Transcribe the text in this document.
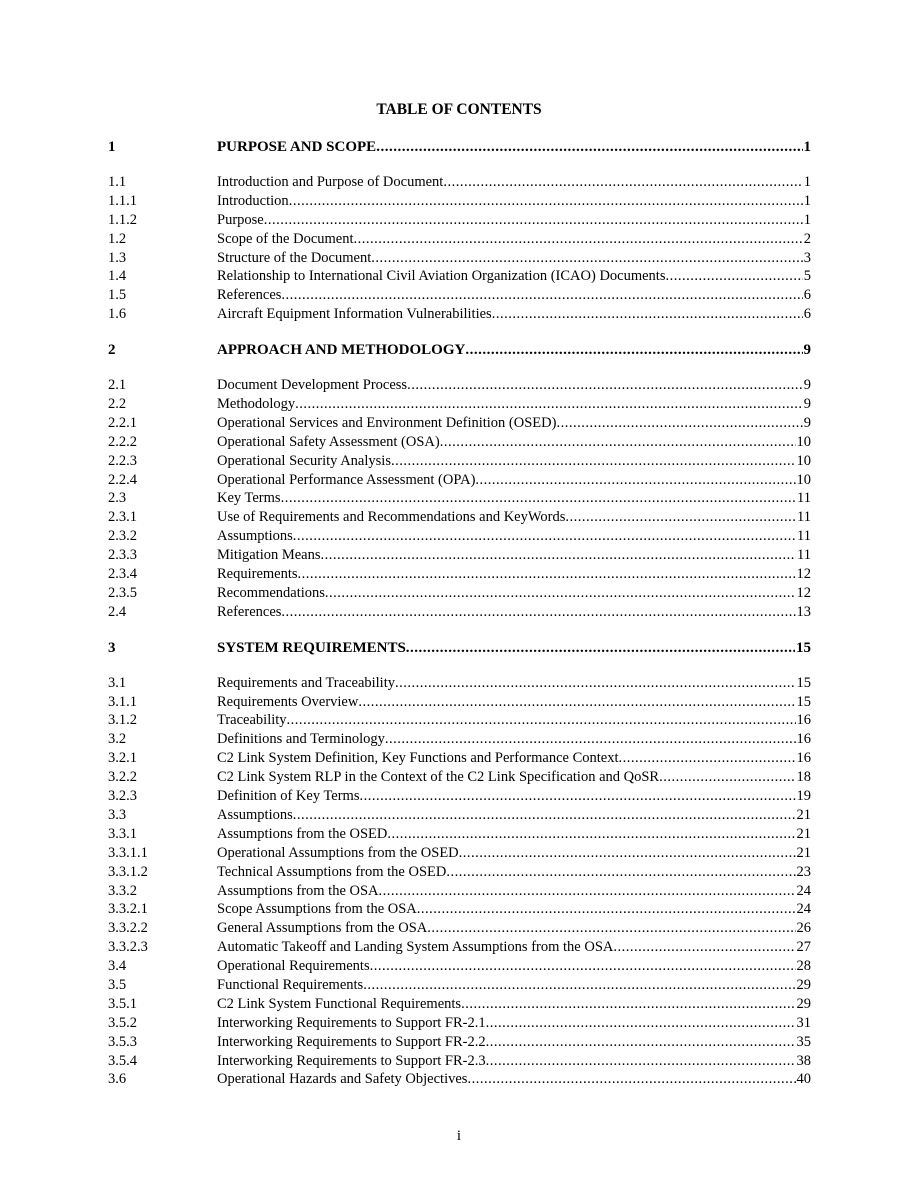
TABLE OF CONTENTS
1	PURPOSE AND SCOPE .....	1
1.1	Introduction and Purpose of Document .....	1
1.1.1	Introduction .....	1
1.1.2	Purpose .....	1
1.2	Scope of the Document .....	2
1.3	Structure of the Document .....	3
1.4	Relationship to International Civil Aviation Organization (ICAO) Documents .....	5
1.5	References .....	6
1.6	Aircraft Equipment Information Vulnerabilities .....	6
2	APPROACH AND METHODOLOGY .....	9
2.1	Document Development Process .....	9
2.2	Methodology .....	9
2.2.1	Operational Services and Environment Definition (OSED) .....	9
2.2.2	Operational Safety Assessment (OSA) .....	10
2.2.3	Operational Security Analysis .....	10
2.2.4	Operational Performance Assessment (OPA) .....	10
2.3	Key Terms .....	11
2.3.1	Use of Requirements and Recommendations and KeyWords .....	11
2.3.2	Assumptions .....	11
2.3.3	Mitigation Means .....	11
2.3.4	Requirements .....	12
2.3.5	Recommendations .....	12
2.4	References .....	13
3	SYSTEM REQUIREMENTS .....	15
3.1	Requirements and Traceability .....	15
3.1.1	Requirements Overview .....	15
3.1.2	Traceability .....	16
3.2	Definitions and Terminology .....	16
3.2.1	C2 Link System Definition, Key Functions and Performance Context .....	16
3.2.2	C2 Link System RLP in the Context of the C2 Link Specification and QoSR .....	18
3.2.3	Definition of Key Terms .....	19
3.3	Assumptions .....	21
3.3.1	Assumptions from the OSED .....	21
3.3.1.1	Operational Assumptions from the OSED .....	21
3.3.1.2	Technical Assumptions from the OSED .....	23
3.3.2	Assumptions from the OSA .....	24
3.3.2.1	Scope Assumptions from the OSA .....	24
3.3.2.2	General Assumptions from the OSA .....	26
3.3.2.3	Automatic Takeoff and Landing System Assumptions from the OSA .....	27
3.4	Operational Requirements .....	28
3.5	Functional Requirements .....	29
3.5.1	C2 Link System Functional Requirements .....	29
3.5.2	Interworking Requirements to Support FR-2.1 .....	31
3.5.3	Interworking Requirements to Support FR-2.2 .....	35
3.5.4	Interworking Requirements to Support FR-2.3 .....	38
3.6	Operational Hazards and Safety Objectives .....	40
i
